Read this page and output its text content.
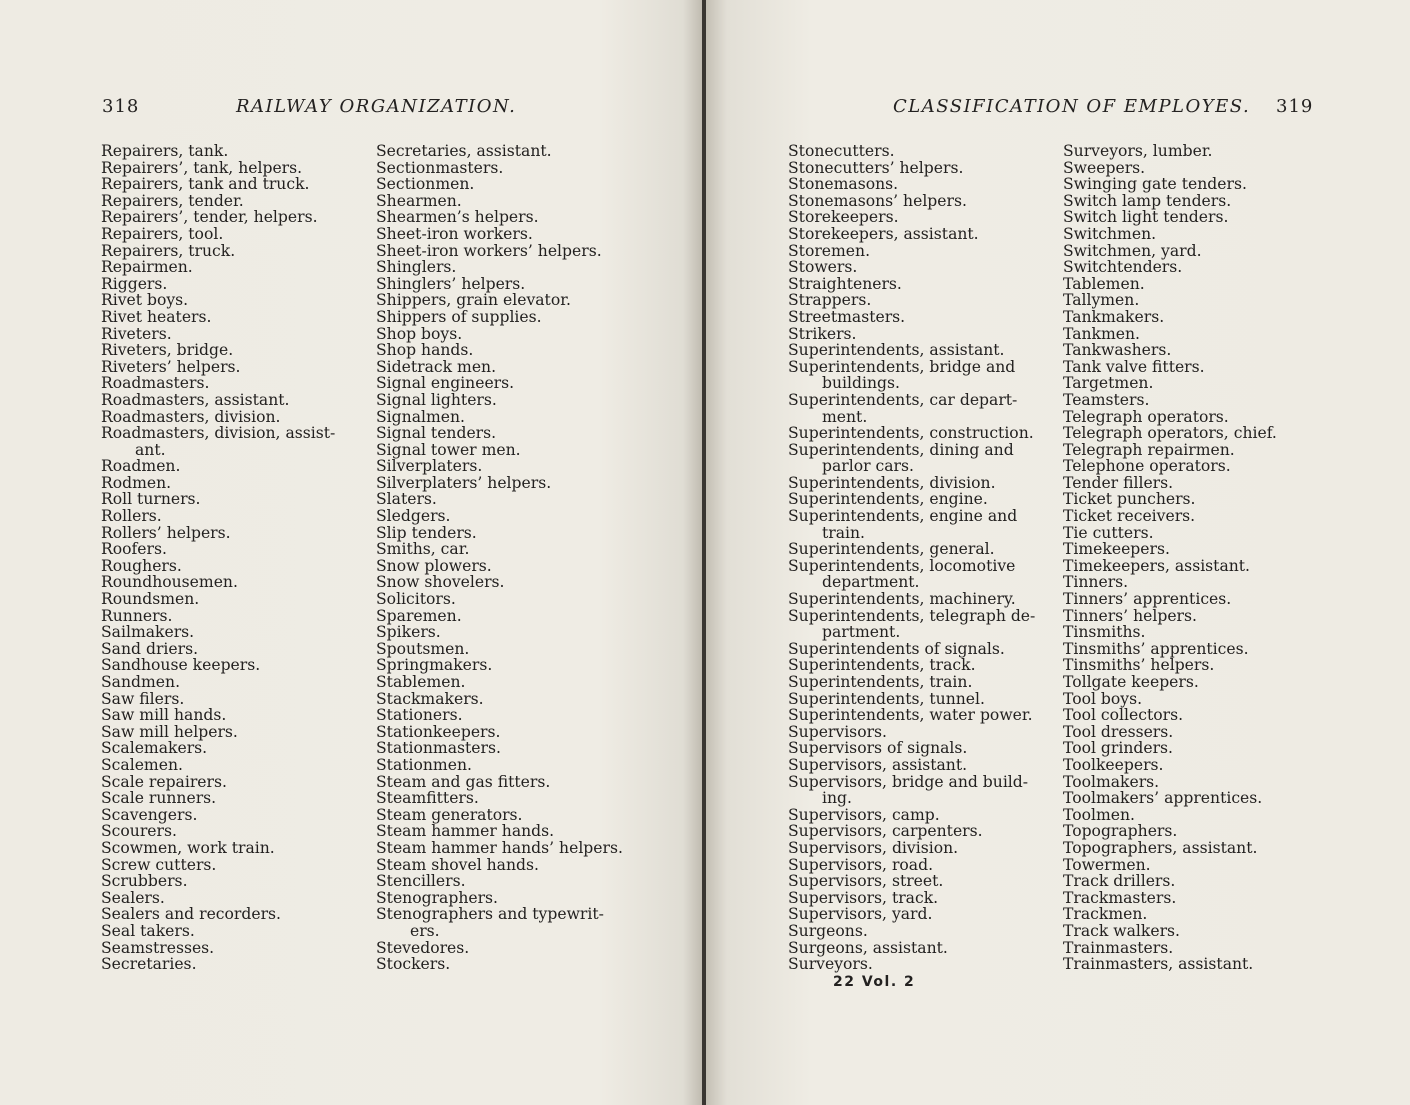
318	RAILWAY ORGANIZATION.
Repairers, tank.
Repairers’, tank, helpers.
Repairers, tank and truck.
Repairers, tender.
Repairers’, tender, helpers.
Repairers, tool.
Repairers, truck.
Repairmen.
Riggers.
Rivet boys.
Rivet heaters.
Riveters.
Riveters, bridge.
Riveters’ helpers.
Roadmasters.
Roadmasters, assistant.
Roadmasters, division.
Roadmasters, division, assist-
ant.
Roadmen.
Rodmen.
Roll turners.
Rollers.
Rollers’ helpers.
Roofers.
Roughers.
Roundhousemen.
Roundsmen.
Runners.
Sailmakers.
Sand driers.
Sandhouse keepers.
Sandmen.
Saw filers.
Saw mill hands.
Saw mill helpers.
Scalemakers.
Scalemen.
Scale repairers.
Scale runners.
Scavengers.
Scourers.
Scowmen, work train.
Screw cutters.
Scrubbers.
Sealers.
Sealers and recorders.
Seal takers.
Seamstresses.
Secretaries.
Secretaries, assistant.
Sectionmasters.
Sectionmen.
Shearmen.
Shearmen’s helpers.
Sheet-iron workers.
Sheet-iron workers’ helpers.
Shinglers.
Shinglers’ helpers.
Shippers, grain elevator.
Shippers of supplies.
Shop boys.
Shop hands.
Sidetrack men.
Signal engineers.
Signal lighters.
Signalmen.
Signal tenders.
Signal tower men.
Silverplaters.
Silverplaters’ helpers.
Slaters.
Sledgers.
Slip tenders.
Smiths, car.
Snow plowers.
Snow shovelers.
Solicitors.
Sparemen.
Spikers.
Spoutsmen.
Springmakers.
Stablemen.
Stackmakers.
Stationers.
Stationkeepers.
Stationmasters.
Stationmen.
Steam and gas fitters.
Steamfitters.
Steam generators.
Steam hammer hands.
Steam hammer hands’ helpers.
Steam shovel hands.
Stencillers.
Stenographers.
Stenographers and typewrit-
ers.
Stevedores.
Stockers.
CLASSIFICATION OF EMPLOYES. 319
Stonecutters.
Stonecutters’ helpers.
Stonemasons.
Stonemasons’ helpers.
Storekeepers.
Storekeepers, assistant.
Storemen.
Stowers.
Straighteners.
Strappers.
Streetmasters.
Strikers.
Superintendents, assistant.
Superintendents, bridge and
buildings.
Superintendents, car depart-
ment.
Superintendents, construction.
Superintendents, dining and
parlor cars.
Superintendents, division.
Superintendents, engine.
Superintendents, engine and
train.
Superintendents, general.
Superintendents, locomotive
department.
Superintendents, machinery.
Superintendents, telegraph de-
partment.
Superintendents of signals.
Superintendents, track.
Superintendents, train.
Superintendents, tunnel.
Superintendents, water power.
Supervisors.
Supervisors of signals.
Supervisors, assistant.
Supervisors, bridge and build-
ing.
Supervisors, camp.
Supervisors, carpenters.
Supervisors, division.
Supervisors, road.
Supervisors, street.
Supervisors, track.
Supervisors, yard.
Surgeons.
Surgeons, assistant.
Surveyors.
Surveyors, lumber.
Sweepers.
Swinging gate tenders.
Switch lamp tenders.
Switch light tenders.
Switchmen.
Switchmen, yard.
Switchtenders.
Tablemen.
Tallymen.
Tankmakers.
Tankmen.
Tankwashers.
Tank valve fitters.
Targetmen.
Teamsters.
Telegraph operators.
Telegraph operators, chief.
Telegraph repairmen.
Telephone operators.
Tender fillers.
Ticket punchers.
Ticket receivers.
Tie cutters.
Timekeepers.
Timekeepers, assistant.
Tinners.
Tinners’ apprentices.
Tinners’ helpers.
Tinsmiths.
Tinsmiths’ apprentices.
Tinsmiths’ helpers.
Tollgate keepers.
Tool boys.
Tool collectors.
Tool dressers.
Tool grinders.
Toolkeepers.
Toolmakers.
Toolmakers’ apprentices.
Toolmen.
Topographers.
Topographers, assistant.
Towermen.
Track drillers.
Trackmasters.
Trackmen.
Track walkers.
Trainmasters.
Trainmasters, assistant.
22 Vol. 2
